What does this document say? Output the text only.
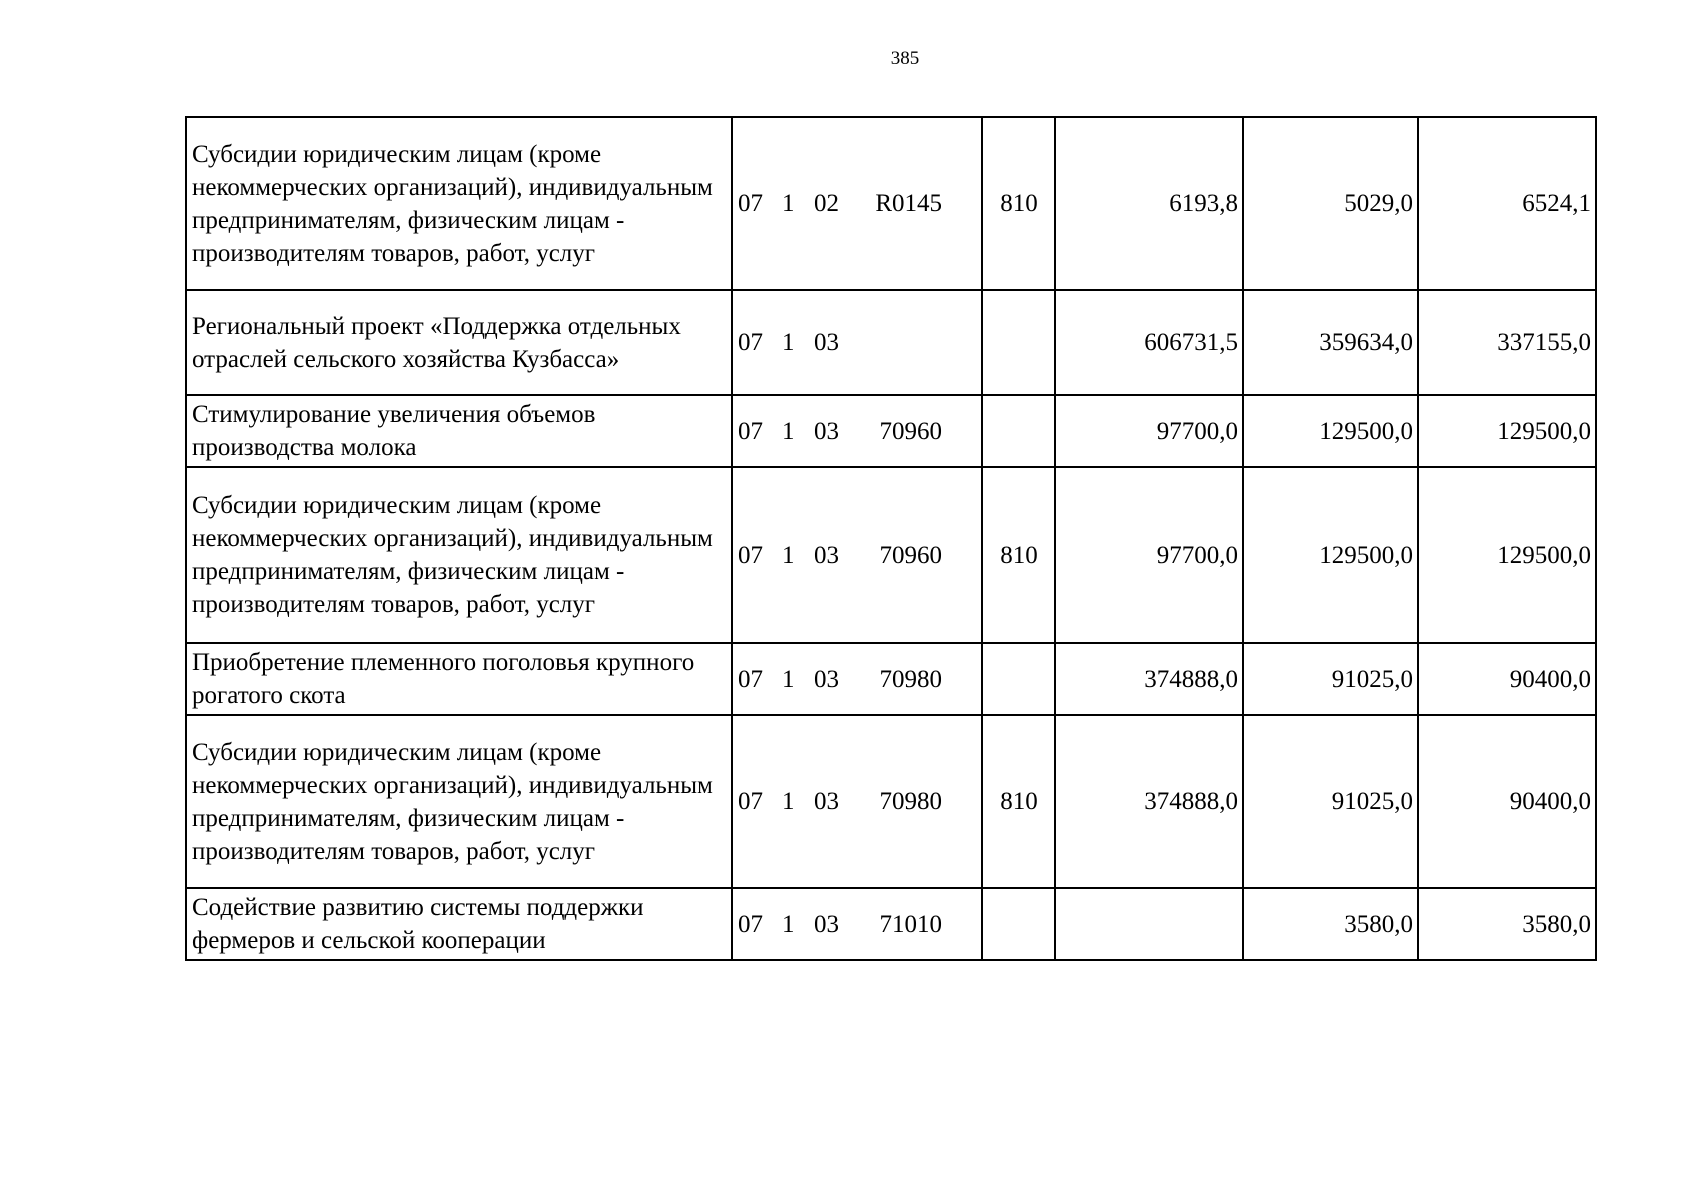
385
Субсидии юридическим лицам (кроме некоммерческих организаций), индивидуальным предпринимателям, физическим лицам - производителям товаров, работ, услуг	07 1 02 R0145	810	6193,8	5029,0	6524,1
Региональный проект «Поддержка отдельных отраслей сельского хозяйства Кузбасса»	07 1 03		606731,5	359634,0	337155,0
Стимулирование увеличения объемов производства молока	07 1 03 70960		97700,0	129500,0	129500,0
Субсидии юридическим лицам (кроме некоммерческих организаций), индивидуальным предпринимателям, физическим лицам - производителям товаров, работ, услуг	07 1 03 70960	810	97700,0	129500,0	129500,0
Приобретение племенного поголовья крупного рогатого скота	07 1 03 70980		374888,0	91025,0	90400,0
Субсидии юридическим лицам (кроме некоммерческих организаций), индивидуальным предпринимателям, физическим лицам - производителям товаров, работ, услуг	07 1 03 70980	810	374888,0	91025,0	90400,0
Содействие развитию системы поддержки фермеров и сельской кооперации	07 1 03 71010			3580,0	3580,0
